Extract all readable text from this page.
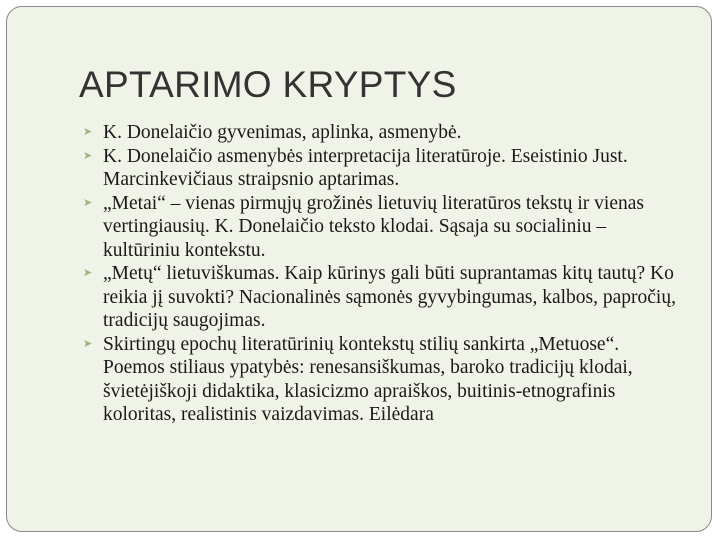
APTARIMO KRYPTYS
➤ K. Donelaičio gyvenimas, aplinka, asmenybė.
➤ K. Donelaičio asmenybės interpretacija literatūroje. Eseistinio Just. Marcinkevičiaus straipsnio aptarimas.
➤ „Metai“ – vienas pirmųjų grožinės lietuvių literatūros tekstų ir vienas vertingiausių. K. Donelaičio teksto klodai. Sąsaja su socialiniu – kultūriniu kontekstu.
➤ „Metų“ lietuviškumas. Kaip kūrinys gali būti suprantamas kitų tautų? Ko reikia jį suvokti? Nacionalinės sąmonės gyvybingumas, kalbos, papročių, tradicijų saugojimas.
➤ Skirtingų epochų literatūrinių kontekstų stilių sankirta „Metuose“. Poemos stiliaus ypatybės: renesansiškumas, baroko tradicijų klodai, švietėjiškoji didaktika, klasicizmo apraiškos, buitinis-etnografinis koloritas, realistinis vaizdavimas. Eilėdara
